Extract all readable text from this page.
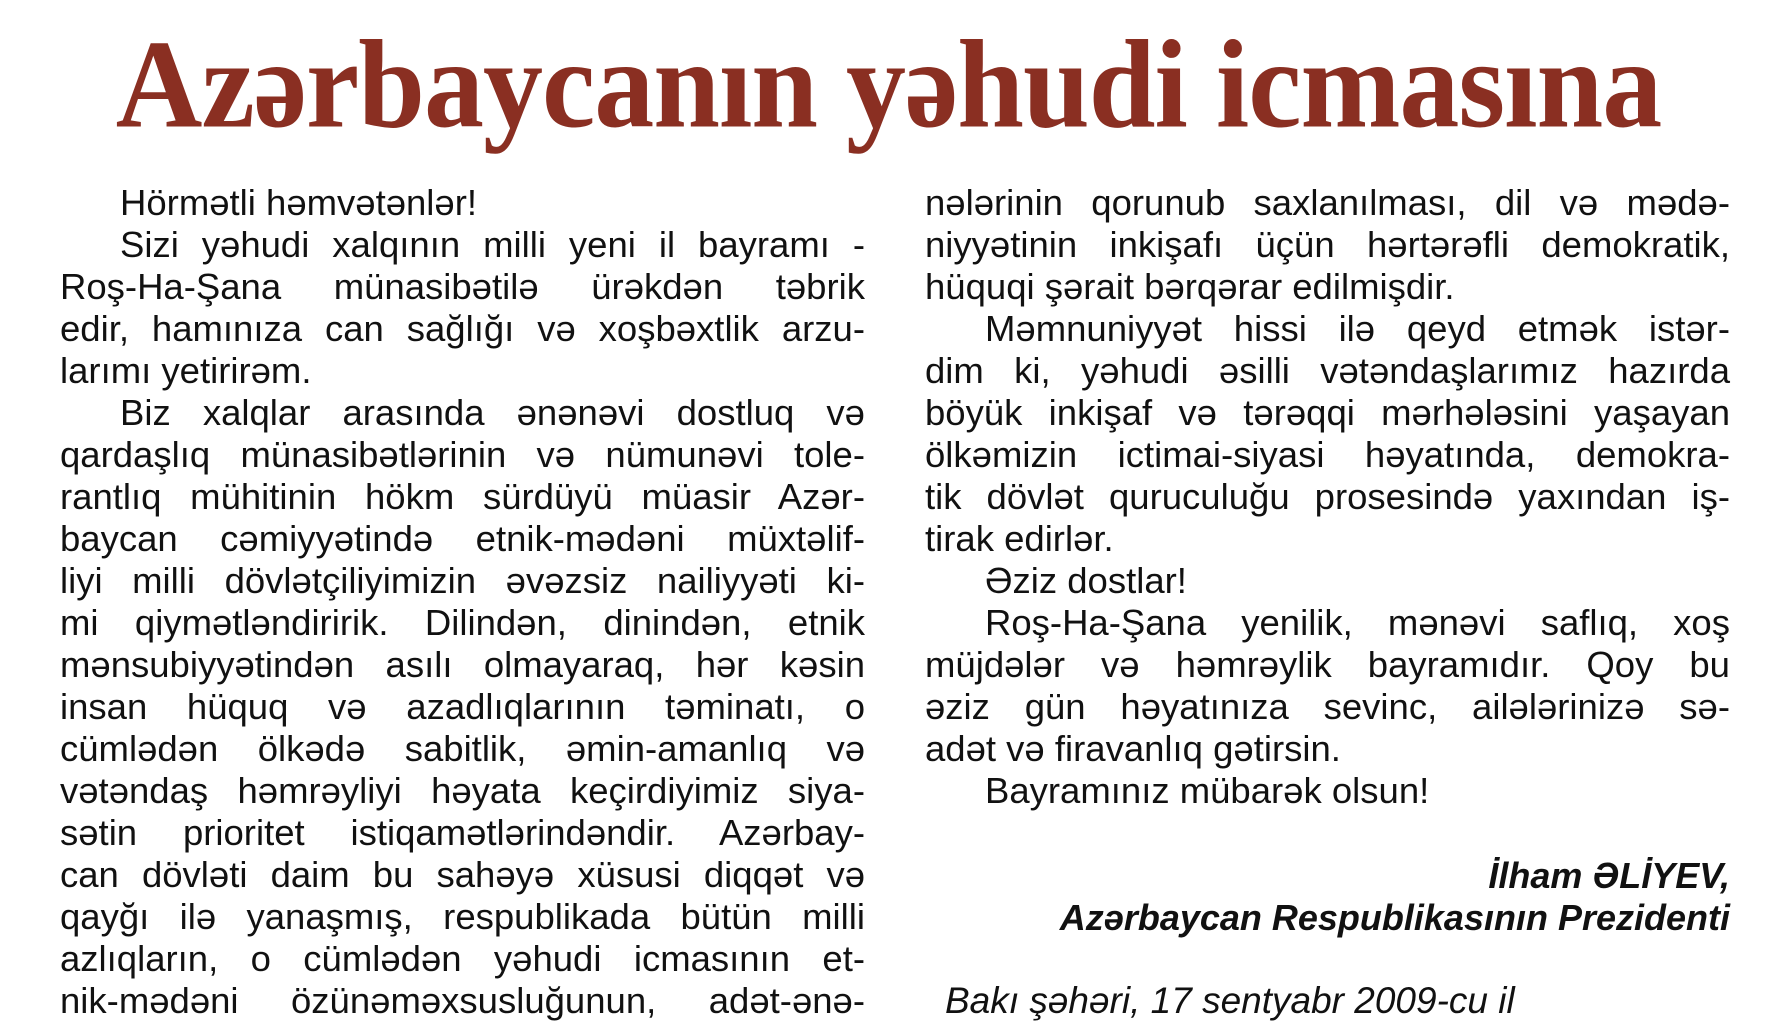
Azərbaycanın yəhudi icmasına
Hörmətli həmvətənlər!
Sizi yəhudi xalqının milli yeni il bayramı -
Roş-Ha-Şana münasibətilə ürəkdən təbrik
edir, hamınıza can sağlığı və xoşbəxtlik arzu-
larımı yetirirəm.
Biz xalqlar arasında ənənəvi dostluq və
qardaşlıq münasibətlərinin və nümunəvi tole-
rantlıq mühitinin hökm sürdüyü müasir Azər-
baycan cəmiyyətində etnik-mədəni müxtəlif-
liyi milli dövlətçiliyimizin əvəzsiz nailiyyəti ki-
mi qiymətləndiririk. Dilindən, dinindən, etnik
mənsubiyyətindən asılı olmayaraq, hər kəsin
insan hüquq və azadlıqlarının təminatı, o
cümlədən ölkədə sabitlik, əmin-amanlıq və
vətəndaş həmrəyliyi həyata keçirdiyimiz siya-
sətin prioritet istiqamətlərindəndir. Azərbay-
can dövləti daim bu sahəyə xüsusi diqqət və
qayğı ilə yanaşmış, respublikada bütün milli
azlıqların, o cümlədən yəhudi icmasının et-
nik-mədəni özünəməxsusluğunun, adət-ənə-
nələrinin qorunub saxlanılması, dil və mədə-
niyyətinin inkişafı üçün hərtərəfli demokratik,
hüquqi şərait bərqərar edilmişdir.
Məmnuniyyət hissi ilə qeyd etmək istər-
dim ki, yəhudi əsilli vətəndaşlarımız hazırda
böyük inkişaf və tərəqqi mərhələsini yaşayan
ölkəmizin ictimai-siyasi həyatında, demokra-
tik dövlət quruculuğu prosesində yaxından iş-
tirak edirlər.
Əziz dostlar!
Roş-Ha-Şana yenilik, mənəvi saflıq, xoş
müjdələr və həmrəylik bayramıdır. Qoy bu
əziz gün həyatınıza sevinc, ailələrinizə sə-
adət və firavanlıq gətirsin.
Bayramınız mübarək olsun!
İlham ƏLİYEV,
Azərbaycan Respublikasının Prezidenti
Bakı şəhəri, 17 sentyabr 2009-cu il
